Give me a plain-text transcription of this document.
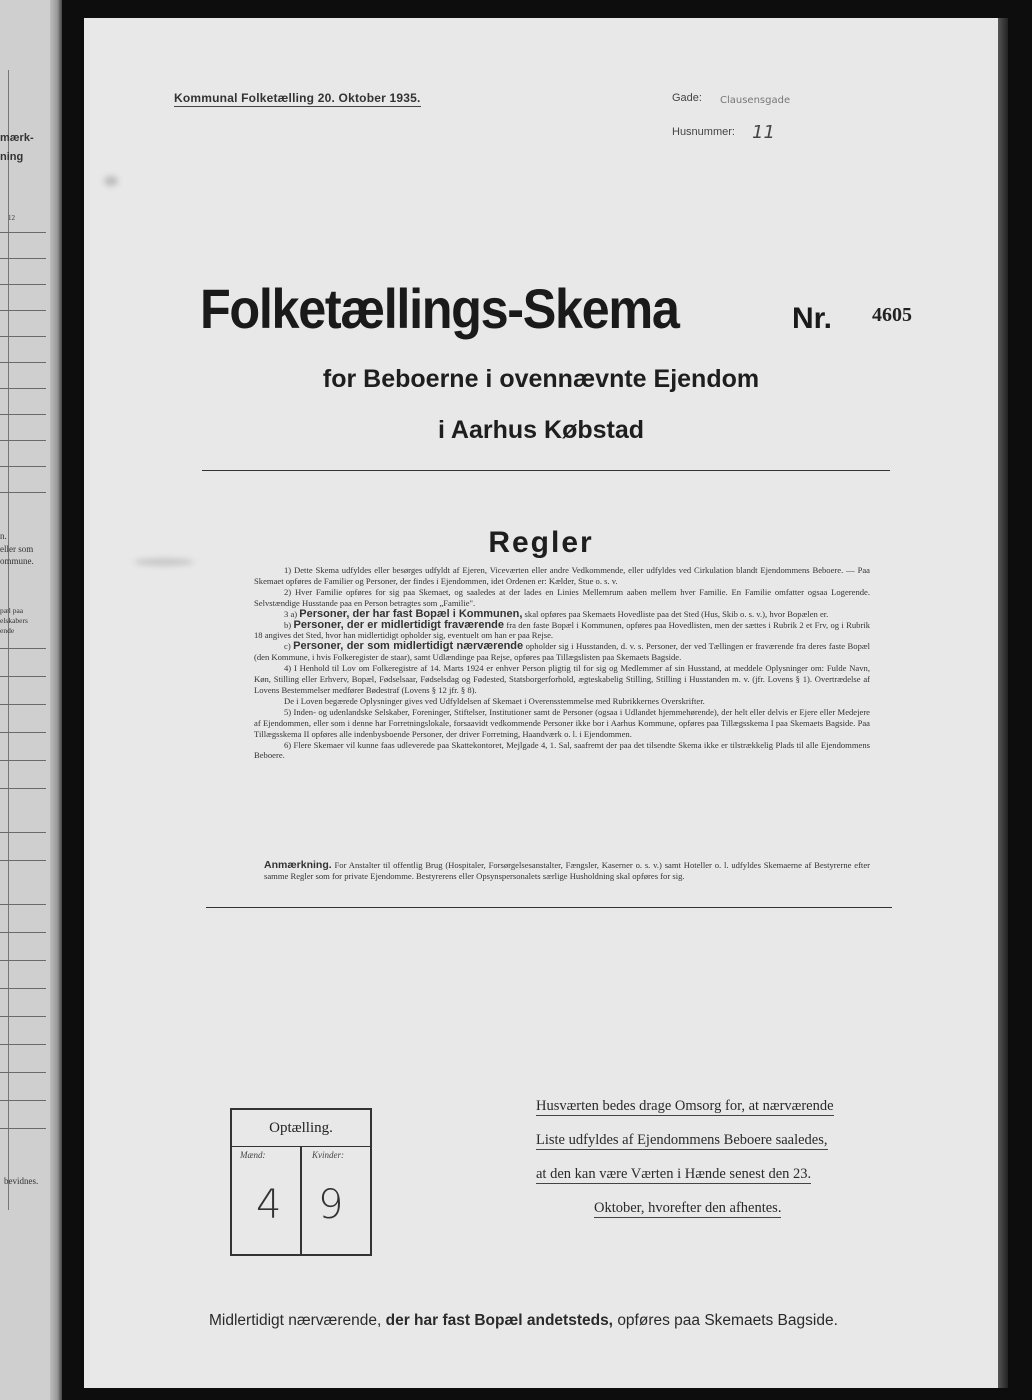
mærk-
ning
12
n.
eller som
ommune.
pæl paa
elskabers
ende
bevidnes.
Kommunal Folketælling 20. Oktober 1935.	Gade: Clausensgade
Husnummer: 11
Folketællings-Skema	Nr. 4605
for Beboerne i ovennævnte Ejendom
i Aarhus Købstad
Regler

1) Dette Skema udfyldes eller besørges udfyldt af Ejeren, Viceværten eller andre Vedkommende, eller udfyldes ved Cirkulation blandt Ejendommens Beboere. — Paa Skemaet opføres de Familier og Personer, der findes i Ejendommen, idet Ordenen er: Kælder, Stue o. s. v.

2) Hver Familie opføres for sig paa Skemaet, og saaledes at der lades en Linies Mellemrum aaben mellem hver Familie. En Familie omfatter ogsaa Logerende. Selvstændige Husstande paa en Person betragtes som „Familie".

3 a) Personer, der har fast Bopæl i Kommunen, skal opføres paa Skemaets Hovedliste paa det Sted (Hus, Skib o. s. v.), hvor Bopælen er.

b) Personer, der er midlertidigt fraværende fra den faste Bopæl i Kommunen, opføres paa Hovedlisten, men der sættes i Rubrik 2 et Frv, og i Rubrik 18 angives det Sted, hvor han midlertidigt opholder sig, eventuelt om han er paa Rejse.

c) Personer, der som midlertidigt nærværende opholder sig i Husstanden, d. v. s. Personer, der ved Tællingen er fraværende fra deres faste Bopæl (den Kommune, i hvis Folkeregister de staar), samt Udlændinge paa Rejse, opføres paa Tillægslisten paa Skemaets Bagside.

4) I Henhold til Lov om Folkeregistre af 14. Marts 1924 er enhver Person pligtig til for sig og Medlemmer af sin Husstand, at meddele Oplysninger om: Fulde Navn, Køn, Stilling eller Erhverv, Bopæl, Fødselsaar, Fødselsdag og Fødested, Statsborgerforhold, ægteskabelig Stilling, Stilling i Husstanden m. v. (jfr. Lovens § 1). Overtrædelse af Lovens Bestemmelser medfører Bødestraf (Lovens § 12 jfr. § 8).

De i Loven begærede Oplysninger gives ved Udfyldelsen af Skemaet i Overensstemmelse med Rubrikkernes Overskrifter.

5) Inden- og udenlandske Selskaber, Foreninger, Stiftelser, Institutioner samt de Personer (ogsaa i Udlandet hjemmehørende), der helt eller delvis er Ejere eller Medejere af Ejendommen, eller som i denne har Forretningslokale, forsaavidt vedkommende Personer ikke bor i Aarhus Kommune, opføres paa Tillægsskema I paa Skemaets Bagside. Paa Tillægsskema II opføres alle indenbysboende Personer, der driver Forretning, Haandværk o. l. i Ejendommen.

6) Flere Skemaer vil kunne faas udleverede paa Skattekontoret, Mejlgade 4, 1. Sal, saafremt der paa det tilsendte Skema ikke er tilstrækkelig Plads til alle Ejendommens Beboere.

Anmærkning. For Anstalter til offentlig Brug (Hospitaler, Forsørgelsesanstalter, Fængsler, Kaserner o. s. v.) samt Hoteller o. l. udfyldes Skemaerne af Bestyrerne efter samme Regler som for private Ejendomme. Bestyrerens eller Opsynspersonalets særlige Husholdning skal opføres for sig.
Optælling.
Mænd:	Kvinder:
4 9
Husværten bedes drage Omsorg for, at nærværende
Liste udfyldes af Ejendommens Beboere saaledes,
at den kan være Værten i Hænde senest den 23.
Oktober, hvorefter den afhentes.
Midlertidigt nærværende, der har fast Bopæl andetsteds, opføres paa Skemaets Bagside.
